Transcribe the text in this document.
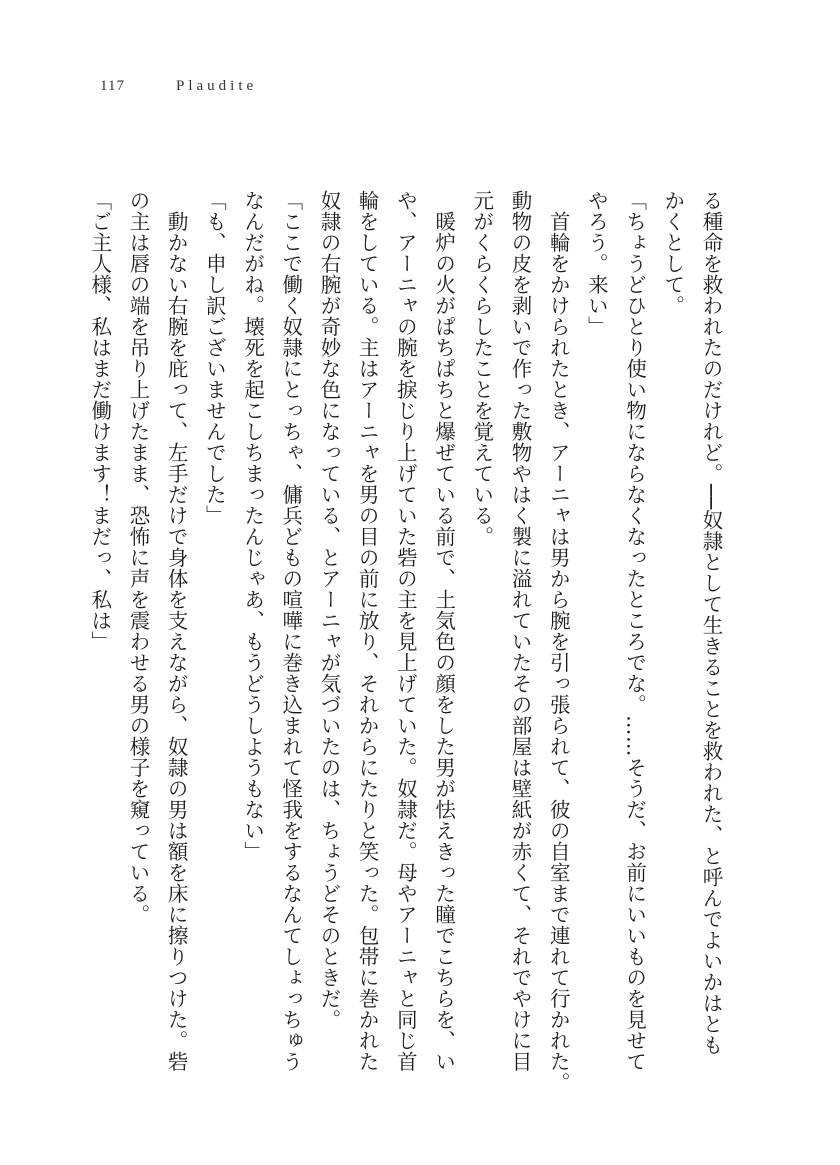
117	Plaudite
る種命を救われたのだけれど。──奴隷として生きることを救われた、と呼んでよいかはとも
かくとして。
「ちょうどひとり使い物にならなくなったところでな。……そうだ、お前にいいものを見せて
やろう。来い」
首輪をかけられたとき、アーニャは男から腕を引っ張られて、彼の自室まで連れて行かれた。
動物の皮を剥いで作った敷物やはく製に溢れていたその部屋は壁紙が赤くて、それでやけに目
元がくらくらしたことを覚えている。
暖炉の火がぱちぱちと爆ぜている前で、土気色の顔をした男が怯えきった瞳でこちらを、い
や、アーニャの腕を捩じり上げていた砦の主を見上げていた。奴隷だ。母やアーニャと同じ首
輪をしている。主はアーニャを男の目の前に放り、それからにたりと笑った。包帯に巻かれた
奴隷の右腕が奇妙な色になっている、とアーニャが気づいたのは、ちょうどそのときだ。
「ここで働く奴隷にとっちゃ、傭兵どもの喧嘩に巻き込まれて怪我をするなんてしょっちゅう
なんだがね。壊死を起こしちまったんじゃあ、もうどうしようもない」
「も、申し訳ございませんでした」
動かない右腕を庇って、左手だけで身体を支えながら、奴隷の男は額を床に擦りつけた。砦
の主は唇の端を吊り上げたまま、恐怖に声を震わせる男の様子を窺っている。
「ご主人様、私はまだ働けます！まだっ、私は」
